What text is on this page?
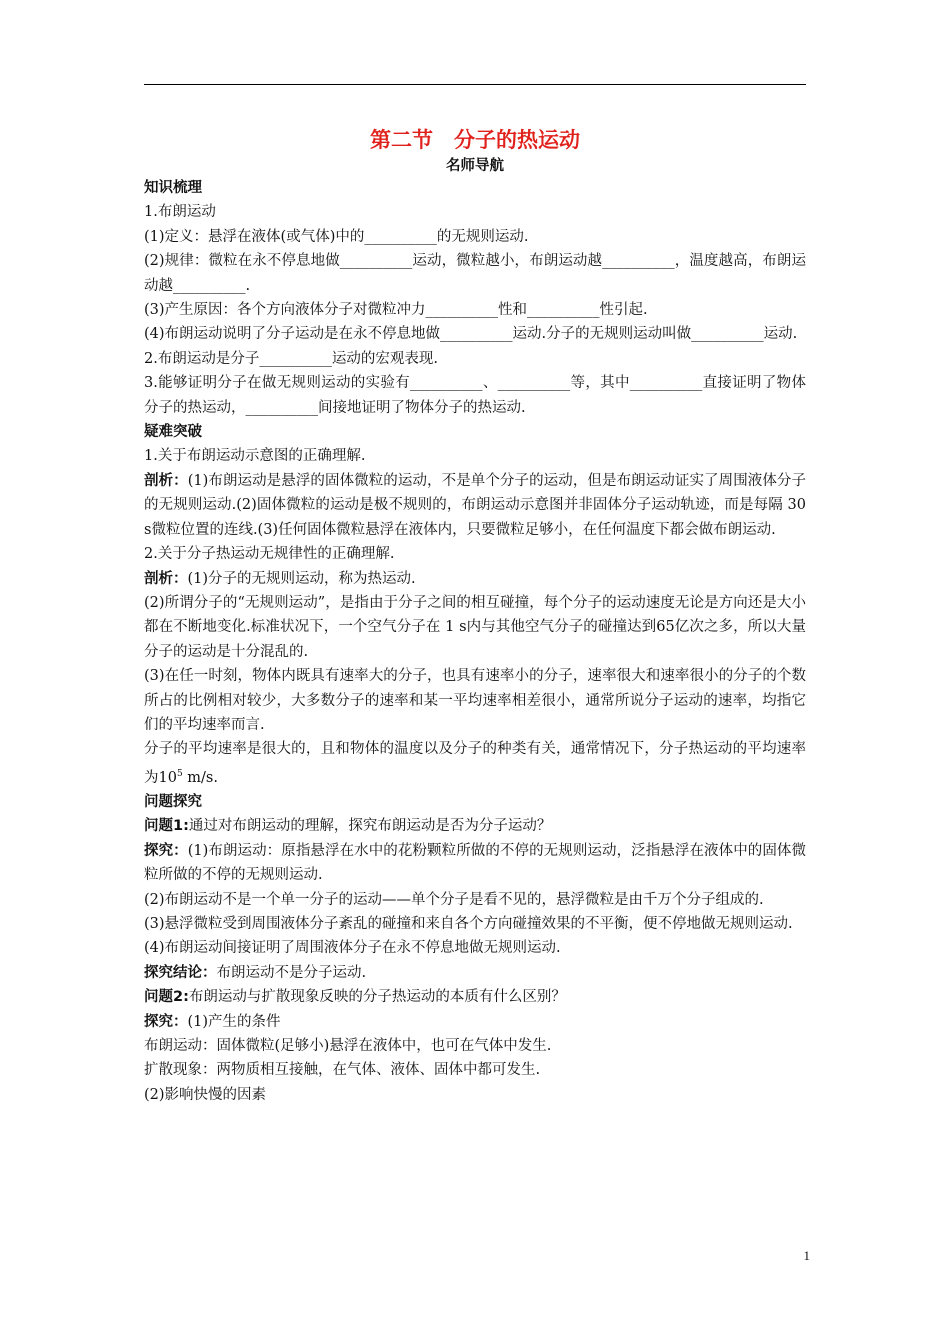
第二节　分子的热运动
名师导航

知识梳理

1.布朗运动

(1)定义：悬浮在液体(或气体)中的__________的无规则运动.

(2)规律：微粒在永不停息地做__________运动，微粒越小，布朗运动越__________，温度越高，布朗运动越__________.

(3)产生原因：各个方向液体分子对微粒冲力__________性和__________性引起.

(4)布朗运动说明了分子运动是在永不停息地做__________运动.分子的无规则运动叫做__________运动.

2.布朗运动是分子__________运动的宏观表现.

3.能够证明分子在做无规则运动的实验有__________、__________等，其中__________直接证明了物体分子的热运动，__________间接地证明了物体分子的热运动.

疑难突破

1.关于布朗运动示意图的正确理解.

剖析：(1)布朗运动是悬浮的固体微粒的运动，不是单个分子的运动，但是布朗运动证实了周围液体分子的无规则运动.(2)固体微粒的运动是极不规则的，布朗运动示意图并非固体分子运动轨迹，而是每隔 30 s微粒位置的连线.(3)任何固体微粒悬浮在液体内，只要微粒足够小，在任何温度下都会做布朗运动.

2.关于分子热运动无规律性的正确理解.

剖析：(1)分子的无规则运动，称为热运动.

(2)所谓分子的“无规则运动”，是指由于分子之间的相互碰撞，每个分子的运动速度无论是方向还是大小都在不断地变化.标准状况下，一个空气分子在 1 s内与其他空气分子的碰撞达到65亿次之多，所以大量分子的运动是十分混乱的.

(3)在任一时刻，物体内既具有速率大的分子，也具有速率小的分子，速率很大和速率很小的分子的个数所占的比例相对较少，大多数分子的速率和某一平均速率相差很小，通常所说分子运动的速率，均指它们的平均速率而言.

分子的平均速率是很大的，且和物体的温度以及分子的种类有关，通常情况下，分子热运动的平均速率为$10^5$ m/s.

问题探究

问题1:通过对布朗运动的理解，探究布朗运动是否为分子运动？

探究：(1)布朗运动：原指悬浮在水中的花粉颗粒所做的不停的无规则运动，泛指悬浮在液体中的固体微粒所做的不停的无规则运动.

(2)布朗运动不是一个单一分子的运动——单个分子是看不见的，悬浮微粒是由千万个分子组成的.

(3)悬浮微粒受到周围液体分子紊乱的碰撞和来自各个方向碰撞效果的不平衡，便不停地做无规则运动.

(4)布朗运动间接证明了周围液体分子在永不停息地做无规则运动.

探究结论：布朗运动不是分子运动.

问题2:布朗运动与扩散现象反映的分子热运动的本质有什么区别？

探究：(1)产生的条件

布朗运动：固体微粒(足够小)悬浮在液体中，也可在气体中发生.

扩散现象：两物质相互接触，在气体、液体、固体中都可发生.

(2)影响快慢的因素

1
